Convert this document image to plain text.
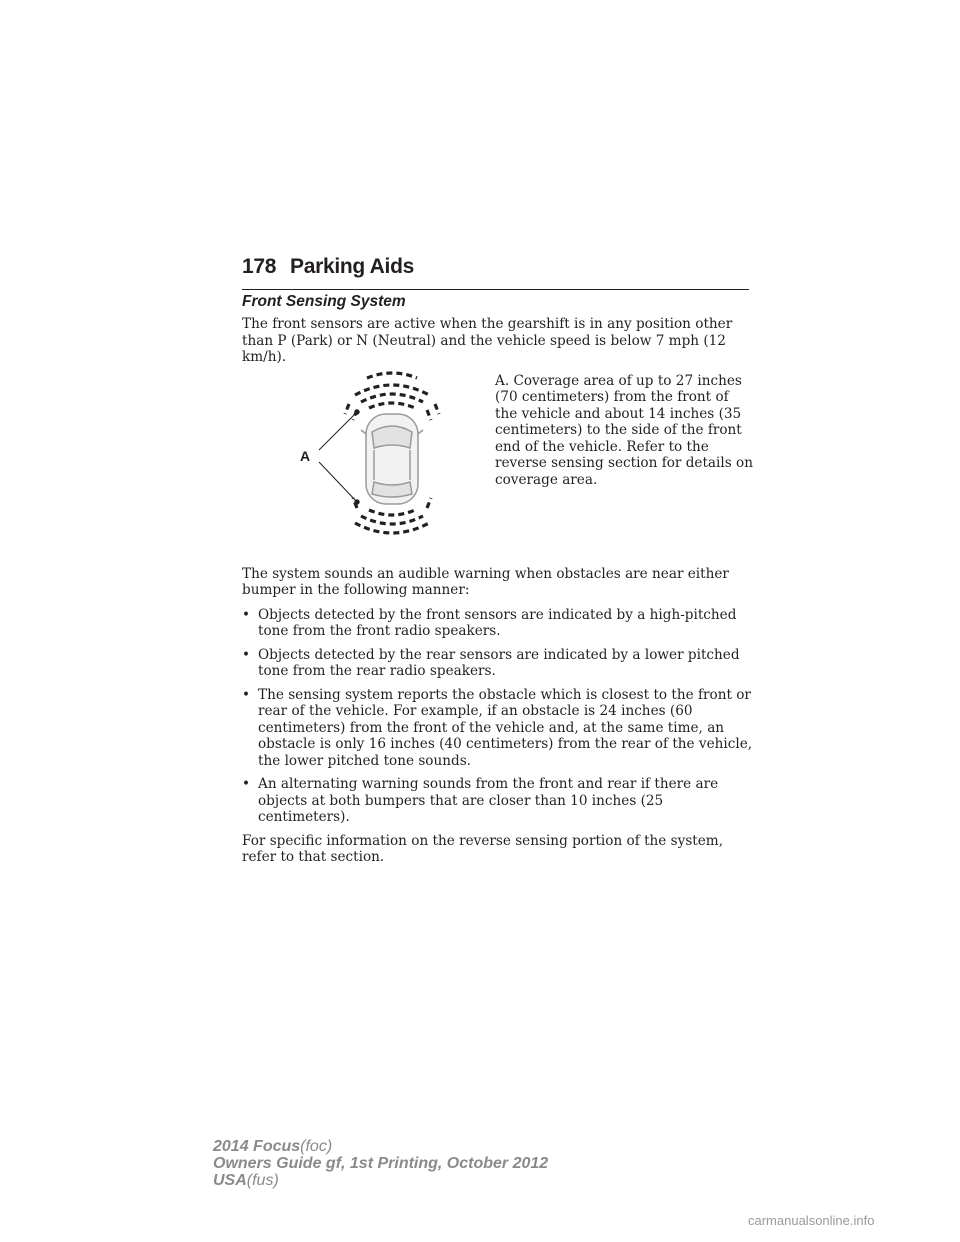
178 Parking Aids
Front Sensing System

The front sensors are active when the gearshift is in any position other than P (Park) or N (Neutral) and the vehicle speed is below 7 mph (12 km/h).

A

A. Coverage area of up to 27 inches (70 centimeters) from the front of the vehicle and about 14 inches (35 centimeters) to the side of the front end of the vehicle. Refer to the reverse sensing section for details on coverage area.

The system sounds an audible warning when obstacles are near either bumper in the following manner:

• Objects detected by the front sensors are indicated by a high-pitched tone from the front radio speakers.
• Objects detected by the rear sensors are indicated by a lower pitched tone from the rear radio speakers.
• The sensing system reports the obstacle which is closest to the front or rear of the vehicle. For example, if an obstacle is 24 inches (60 centimeters) from the front of the vehicle and, at the same time, an obstacle is only 16 inches (40 centimeters) from the rear of the vehicle, the lower pitched tone sounds.
• An alternating warning sounds from the front and rear if there are objects at both bumpers that are closer than 10 inches (25 centimeters).

For specific information on the reverse sensing portion of the system, refer to that section.

2014 Focus(foc)
Owners Guide gf, 1st Printing, October 2012
USA(fus)
carmanualsonline.info
